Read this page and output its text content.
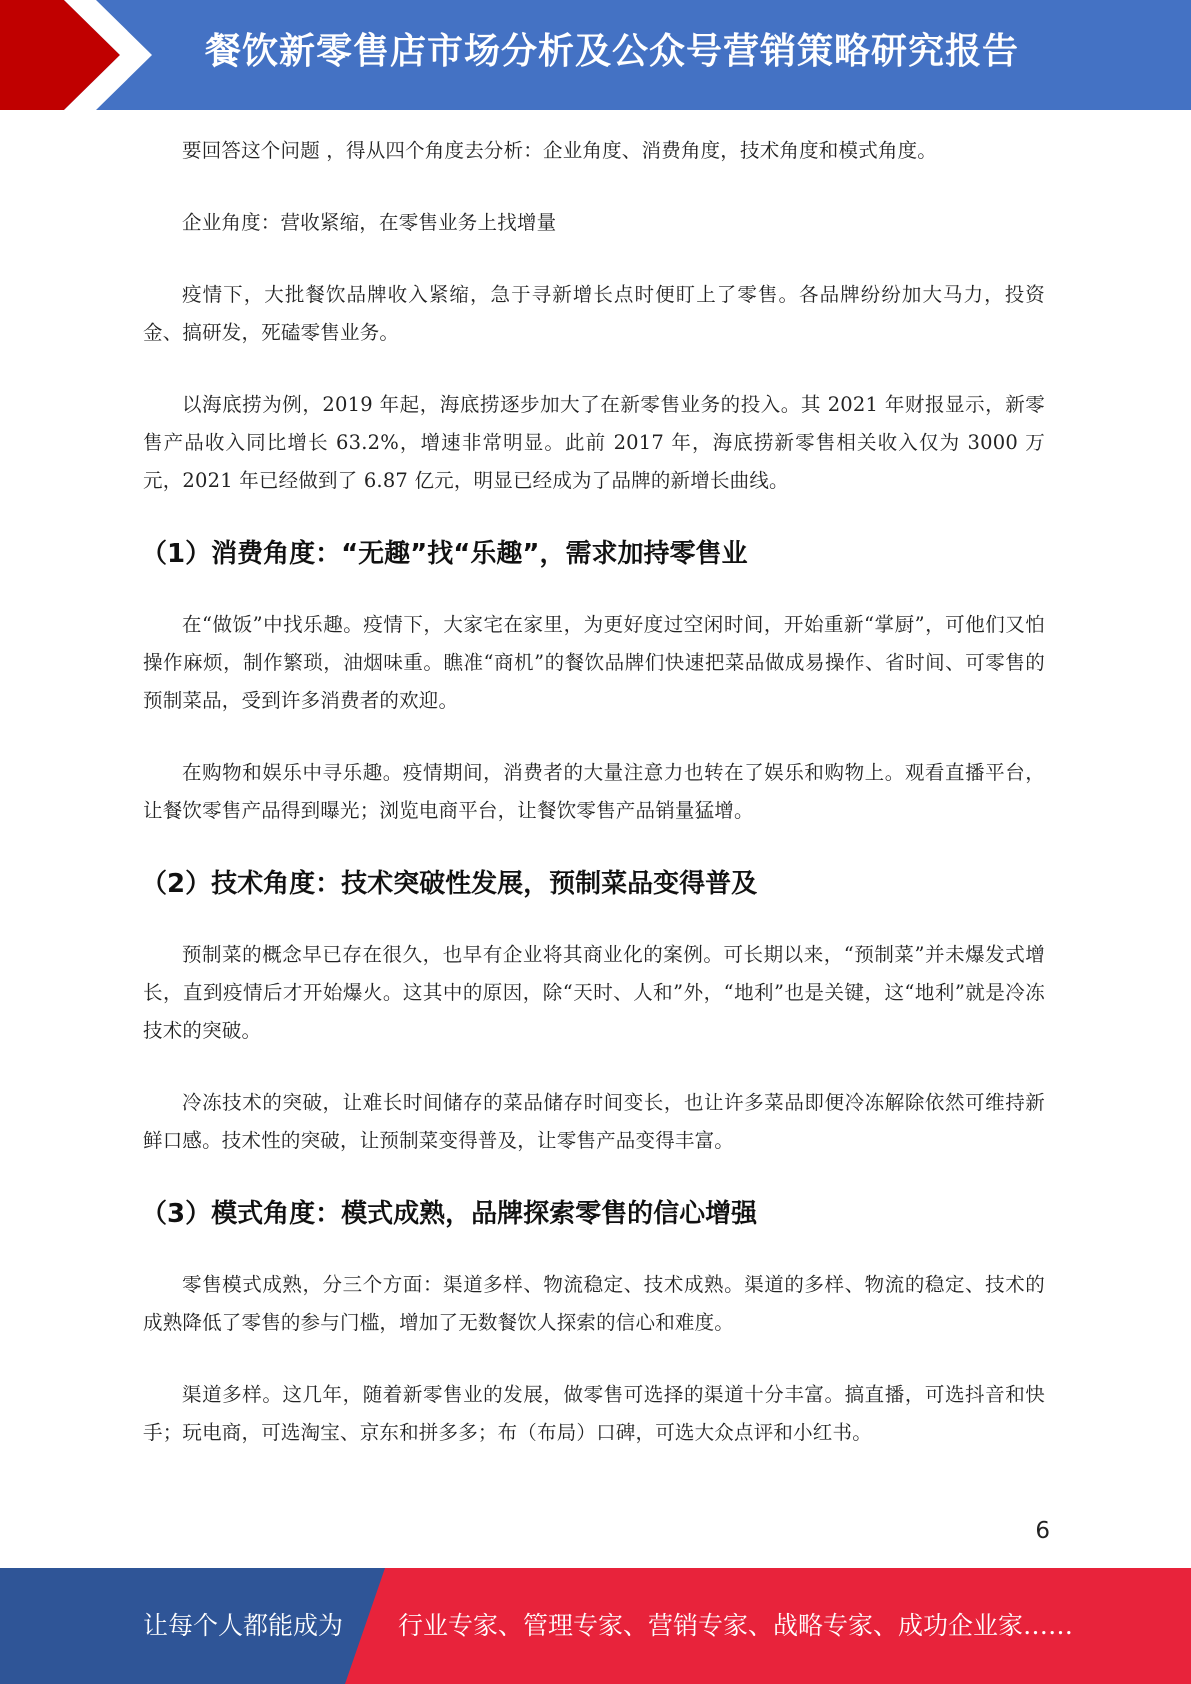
餐饮新零售店市场分析及公众号营销策略研究报告

要回答这个问题 ，得从四个角度去分析：企业角度、消费角度，技术角度和模式角度。

企业角度：营收紧缩，在零售业务上找增量

疫情下，大批餐饮品牌收入紧缩，急于寻新增长点时便盯上了零售。各品牌纷纷加大马力，投资金、搞研发，死磕零售业务。

以海底捞为例，2019 年起，海底捞逐步加大了在新零售业务的投入。其 2021 年财报显示，新零售产品收入同比增长 63.2%，增速非常明显。此前 2017 年，海底捞新零售相关收入仅为 3000 万元，2021 年已经做到了 6.87 亿元，明显已经成为了品牌的新增长曲线。

（1）消费角度：“无趣”找“乐趣”，需求加持零售业

在“做饭”中找乐趣。疫情下，大家宅在家里，为更好度过空闲时间，开始重新“掌厨”，可他们又怕操作麻烦，制作繁琐，油烟味重。瞧准“商机”的餐饮品牌们快速把菜品做成易操作、省时间、可零售的预制菜品，受到许多消费者的欢迎。

在购物和娱乐中寻乐趣。疫情期间，消费者的大量注意力也转在了娱乐和购物上。观看直播平台，让餐饮零售产品得到曝光；浏览电商平台，让餐饮零售产品销量猛增。

（2）技术角度：技术突破性发展，预制菜品变得普及

预制菜的概念早已存在很久，也早有企业将其商业化的案例。可长期以来，“预制菜”并未爆发式增长，直到疫情后才开始爆火。这其中的原因，除“天时、人和”外，“地利”也是关键，这“地利”就是冷冻技术的突破。

冷冻技术的突破，让难长时间储存的菜品储存时间变长，也让许多菜品即便冷冻解除依然可维持新鲜口感。技术性的突破，让预制菜变得普及，让零售产品变得丰富。

（3）模式角度：模式成熟，品牌探索零售的信心增强

零售模式成熟，分三个方面：渠道多样、物流稳定、技术成熟。渠道的多样、物流的稳定、技术的成熟降低了零售的参与门槛，增加了无数餐饮人探索的信心和难度。

渠道多样。这几年，随着新零售业的发展，做零售可选择的渠道十分丰富。搞直播，可选抖音和快手；玩电商，可选淘宝、京东和拼多多；布（布局）口碑，可选大众点评和小红书。

6
让每个人都能成为 行业专家、管理专家、营销专家、战略专家、成功企业家……
